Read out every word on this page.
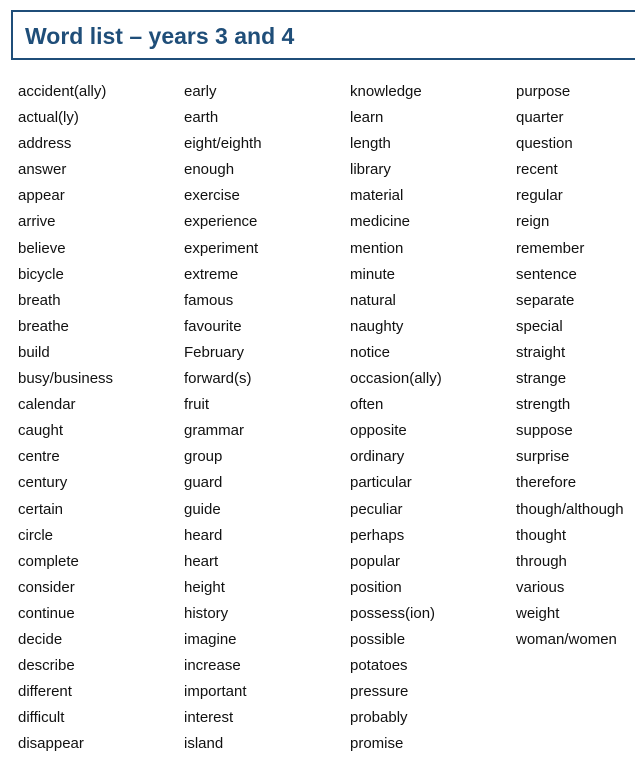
Word list – years 3 and 4
accident(ally)
actual(ly)
address
answer
appear
arrive
believe
bicycle
breath
breathe
build
busy/business
calendar
caught
centre
century
certain
circle
complete
consider
continue
decide
describe
different
difficult
disappear
early
earth
eight/eighth
enough
exercise
experience
experiment
extreme
famous
favourite
February
forward(s)
fruit
grammar
group
guard
guide
heard
heart
height
history
imagine
increase
important
interest
island
knowledge
learn
length
library
material
medicine
mention
minute
natural
naughty
notice
occasion(ally)
often
opposite
ordinary
particular
peculiar
perhaps
popular
position
possess(ion)
possible
potatoes
pressure
probably
promise
purpose
quarter
question
recent
regular
reign
remember
sentence
separate
special
straight
strange
strength
suppose
surprise
therefore
though/although
thought
through
various
weight
woman/women
